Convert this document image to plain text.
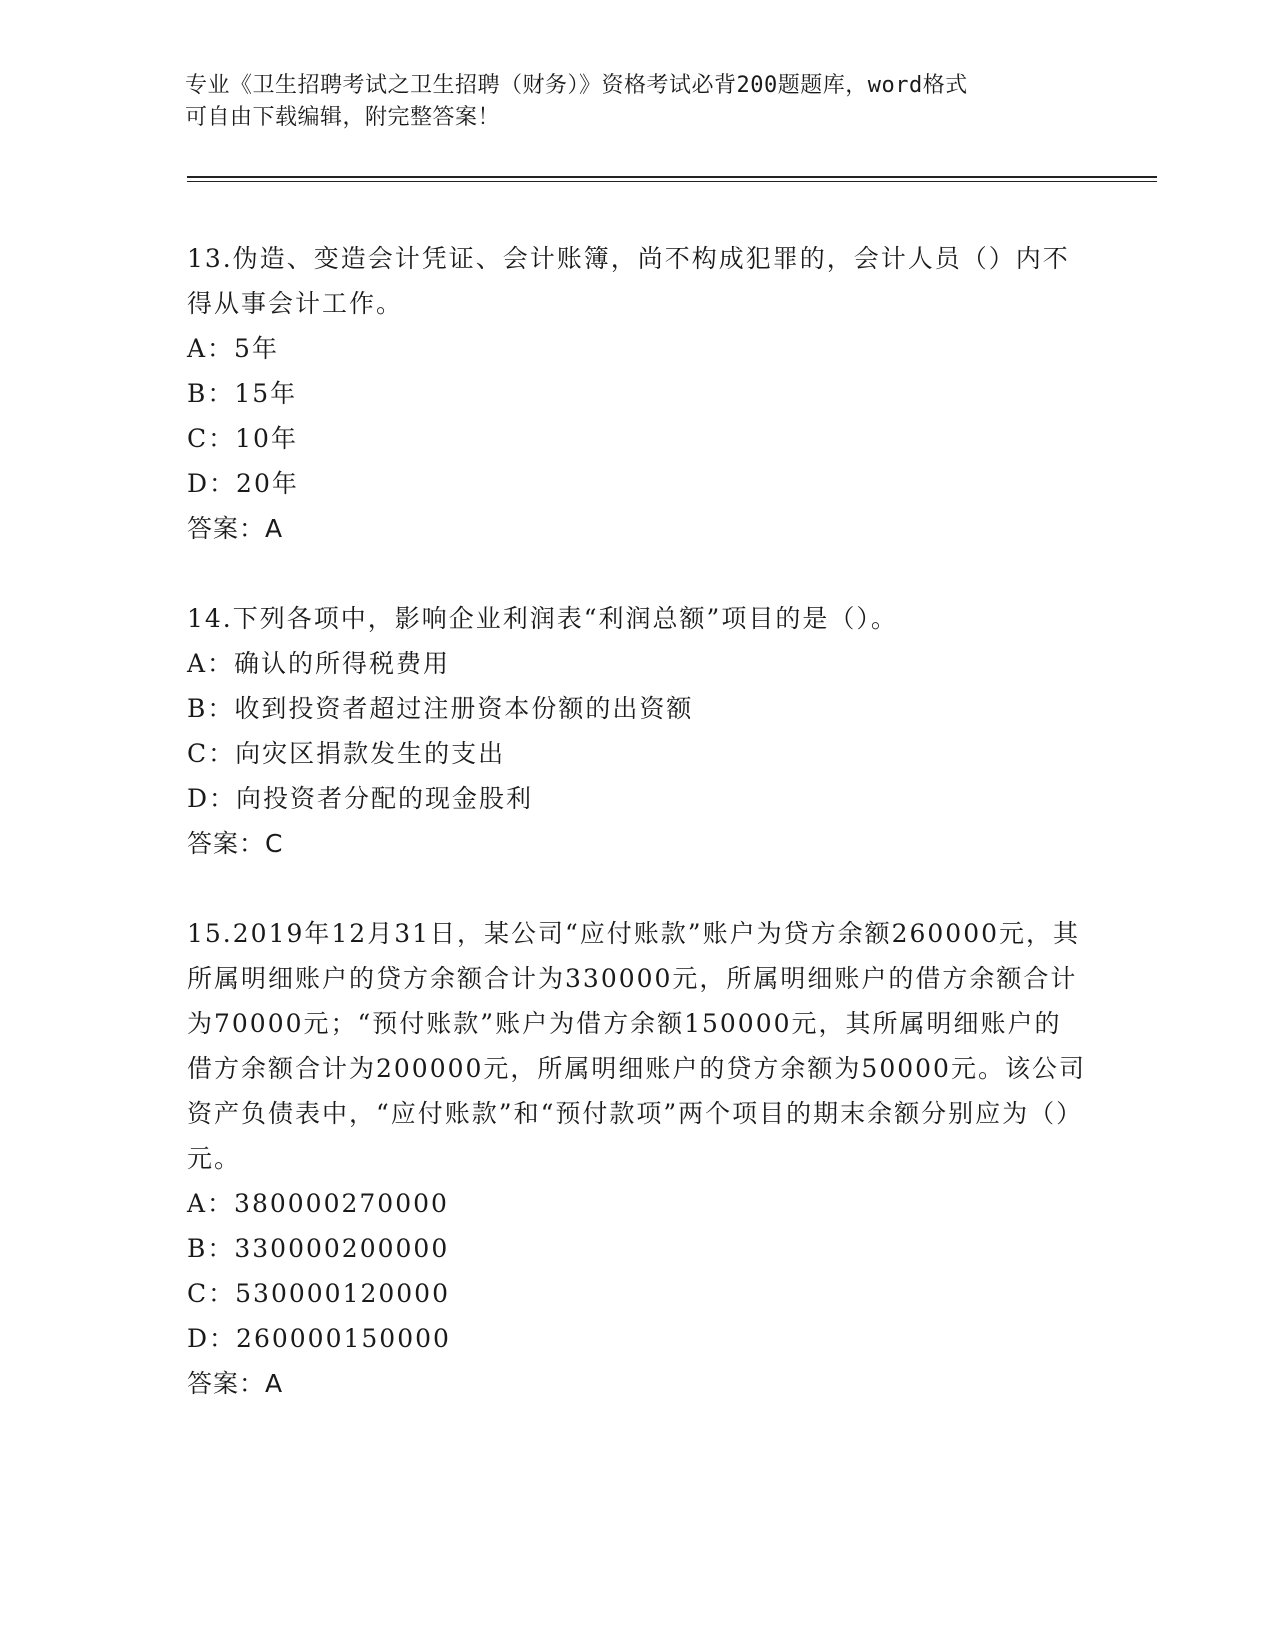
专业《卫生招聘考试之卫生招聘（财务）》资格考试必背200题题库，word格式
可自由下载编辑，附完整答案！
13.伪造、变造会计凭证、会计账簿，尚不构成犯罪的，会计人员（）内不得从事会计工作。
A：5年
B：15年
C：10年
D：20年
答案：A
14.下列各项中，影响企业利润表“利润总额”项目的是（）。
A：确认的所得税费用
B：收到投资者超过注册资本份额的出资额
C：向灾区捐款发生的支出
D：向投资者分配的现金股利
答案：C
15.2019年12月31日，某公司“应付账款”账户为贷方余额260000元，其所属明细账户的贷方余额合计为330000元，所属明细账户的借方余额合计为70000元；“预付账款”账户为借方余额150000元，其所属明细账户的借方余额合计为200000元，所属明细账户的贷方余额为50000元。该公司资产负债表中，“应付账款”和“预付款项”两个项目的期末余额分别应为（）元。
A：380000270000
B：330000200000
C：530000120000
D：260000150000
答案：A
